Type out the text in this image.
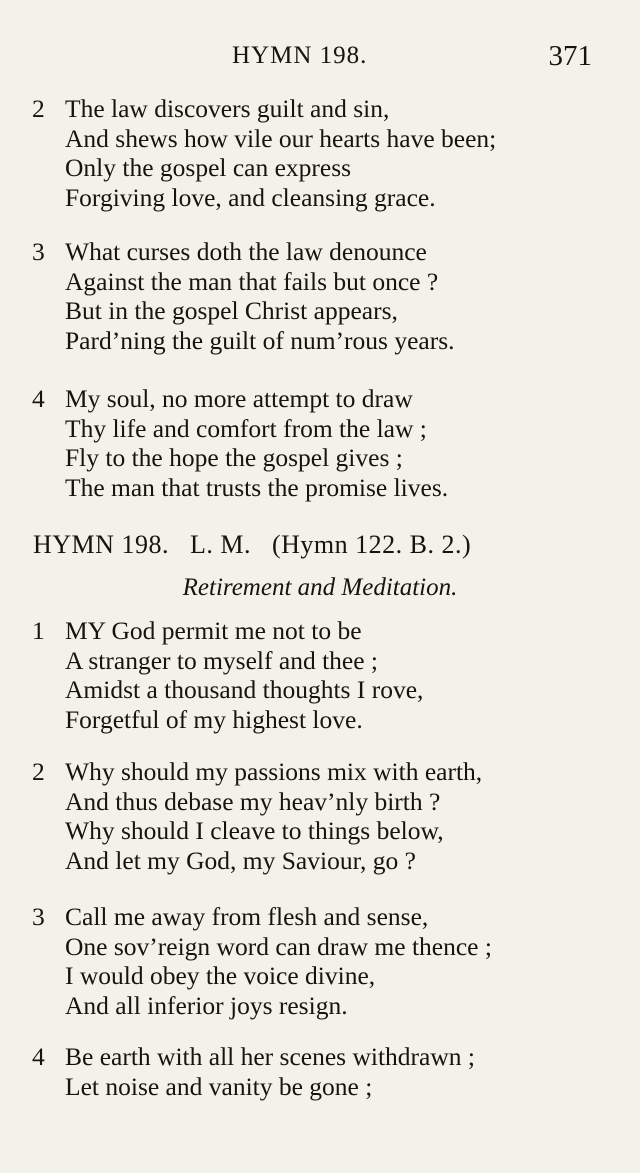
HYMN 198.	371
2 The law discovers guilt and sin,
And shews how vile our hearts have been;
Only the gospel can express
Forgiving love, and cleansing grace.
3 What curses doth the law denounce
Against the man that fails but once ?
But in the gospel Christ appears,
Pard’ning the guilt of num’rous years.
4 My soul, no more attempt to draw
Thy life and comfort from the law ;
Fly to the hope the gospel gives ;
The man that trusts the promise lives.
HYMN 198. L. M. (Hymn 122. B. 2.)
Retirement and Meditation.
1 MY God permit me not to be
A stranger to myself and thee ;
Amidst a thousand thoughts I rove,
Forgetful of my highest love.
2 Why should my passions mix with earth,
And thus debase my heav’nly birth ?
Why should I cleave to things below,
And let my God, my Saviour, go ?
3 Call me away from flesh and sense,
One sov’reign word can draw me thence ;
I would obey the voice divine,
And all inferior joys resign.
4 Be earth with all her scenes withdrawn ;
Let noise and vanity be gone ;
